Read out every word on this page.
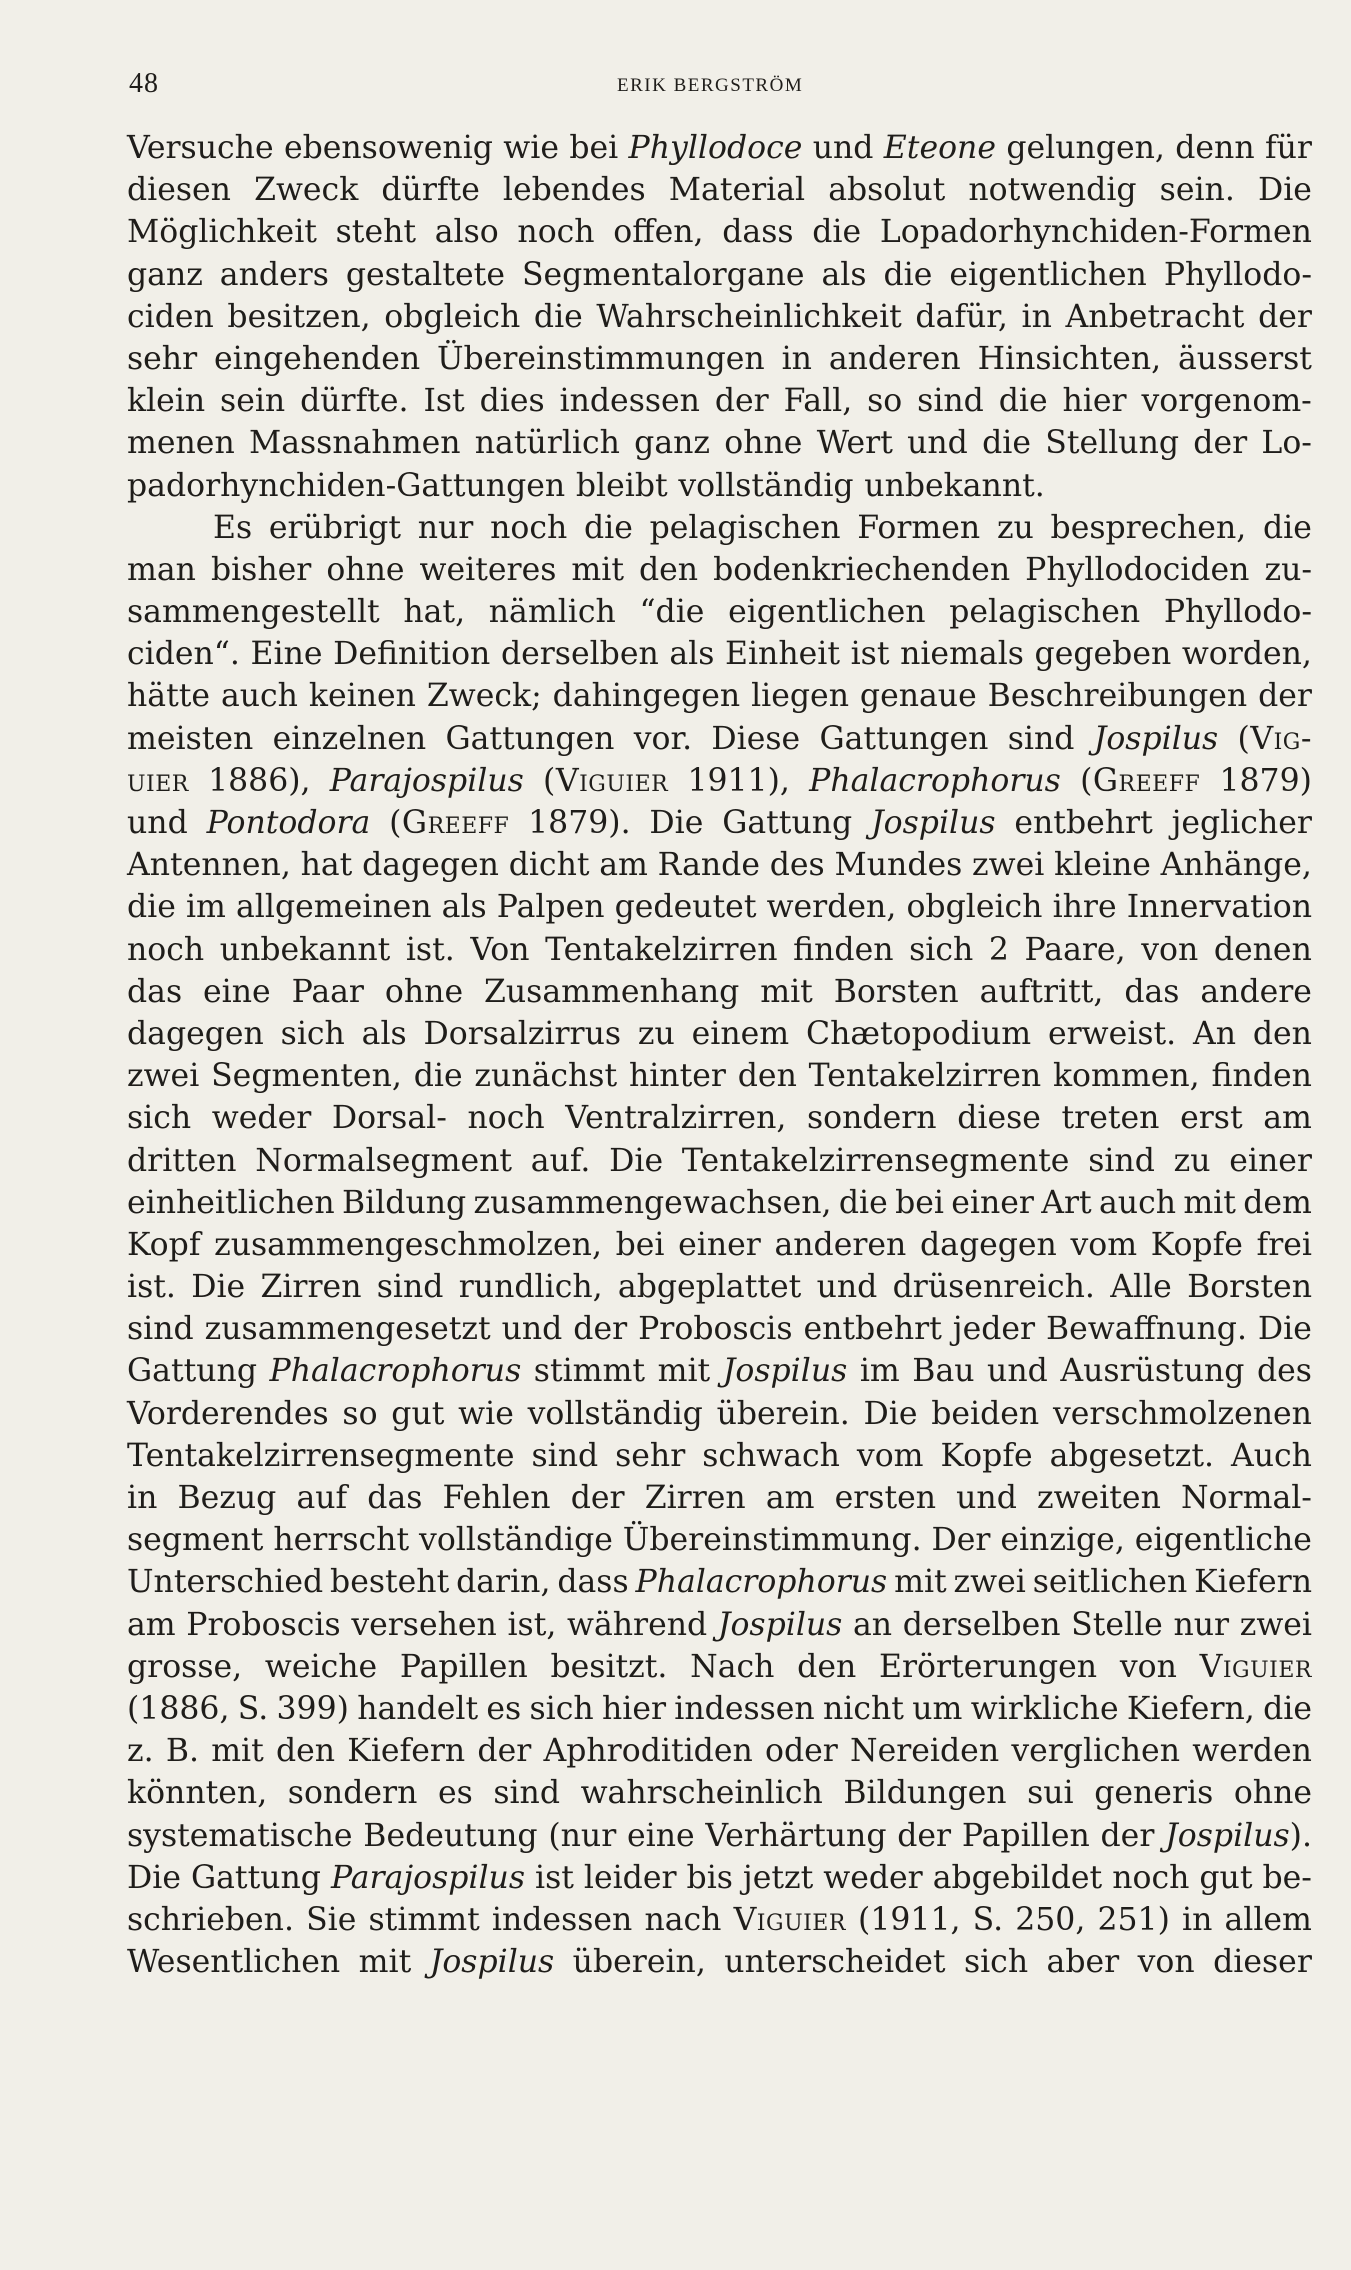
48	ERIK BERGSTRÖM
Versuche ebensowenig wie bei Phyllodoce und Eteone gelungen, denn für
diesen Zweck dürfte lebendes Material absolut notwendig sein. Die
Möglichkeit steht also noch offen, dass die Lopadorhynchiden-Formen
ganz anders gestaltete Segmentalorgane als die eigentlichen Phyllodo-
ciden besitzen, obgleich die Wahrscheinlichkeit dafür, in Anbetracht der
sehr eingehenden Übereinstimmungen in anderen Hinsichten, äusserst
klein sein dürfte. Ist dies indessen der Fall, so sind die hier vorgenom-
menen Massnahmen natürlich ganz ohne Wert und die Stellung der Lo-
padorhynchiden-Gattungen bleibt vollständig unbekannt.
Es erübrigt nur noch die pelagischen Formen zu besprechen, die
man bisher ohne weiteres mit den bodenkriechenden Phyllodociden zu-
sammengestellt hat, nämlich “die eigentlichen pelagischen Phyllodo-
ciden“. Eine Definition derselben als Einheit ist niemals gegeben worden,
hätte auch keinen Zweck; dahingegen liegen genaue Beschreibungen der
meisten einzelnen Gattungen vor. Diese Gattungen sind Jospilus (Vig-
uier 1886), Parajospilus (Viguier 1911), Phalacrophorus (Greeff 1879)
und Pontodora (Greeff 1879). Die Gattung Jospilus entbehrt jeglicher
Antennen, hat dagegen dicht am Rande des Mundes zwei kleine Anhänge,
die im allgemeinen als Palpen gedeutet werden, obgleich ihre Innervation
noch unbekannt ist. Von Tentakelzirren finden sich 2 Paare, von denen
das eine Paar ohne Zusammenhang mit Borsten auftritt, das andere
dagegen sich als Dorsalzirrus zu einem Chætopodium erweist. An den
zwei Segmenten, die zunächst hinter den Tentakelzirren kommen, finden
sich weder Dorsal- noch Ventralzirren, sondern diese treten erst am
dritten Normalsegment auf. Die Tentakelzirrensegmente sind zu einer
einheitlichen Bildung zusammengewachsen, die bei einer Art auch mit dem
Kopf zusammengeschmolzen, bei einer anderen dagegen vom Kopfe frei
ist. Die Zirren sind rundlich, abgeplattet und drüsenreich. Alle Borsten
sind zusammengesetzt und der Proboscis entbehrt jeder Bewaffnung. Die
Gattung Phalacrophorus stimmt mit Jospilus im Bau und Ausrüstung des
Vorderendes so gut wie vollständig überein. Die beiden verschmolzenen
Tentakelzirrensegmente sind sehr schwach vom Kopfe abgesetzt. Auch
in Bezug auf das Fehlen der Zirren am ersten und zweiten Normal-
segment herrscht vollständige Übereinstimmung. Der einzige, eigentliche
Unterschied besteht darin, dass Phalacrophorus mit zwei seitlichen Kiefern
am Proboscis versehen ist, während Jospilus an derselben Stelle nur zwei
grosse, weiche Papillen besitzt. Nach den Erörterungen von Viguier
(1886, S. 399) handelt es sich hier indessen nicht um wirkliche Kiefern, die
z. B. mit den Kiefern der Aphroditiden oder Nereiden verglichen werden
könnten, sondern es sind wahrscheinlich Bildungen sui generis ohne
systematische Bedeutung (nur eine Verhärtung der Papillen der Jospilus).
Die Gattung Parajospilus ist leider bis jetzt weder abgebildet noch gut be-
schrieben. Sie stimmt indessen nach Viguier (1911, S. 250, 251) in allem
Wesentlichen mit Jospilus überein, unterscheidet sich aber von dieser
